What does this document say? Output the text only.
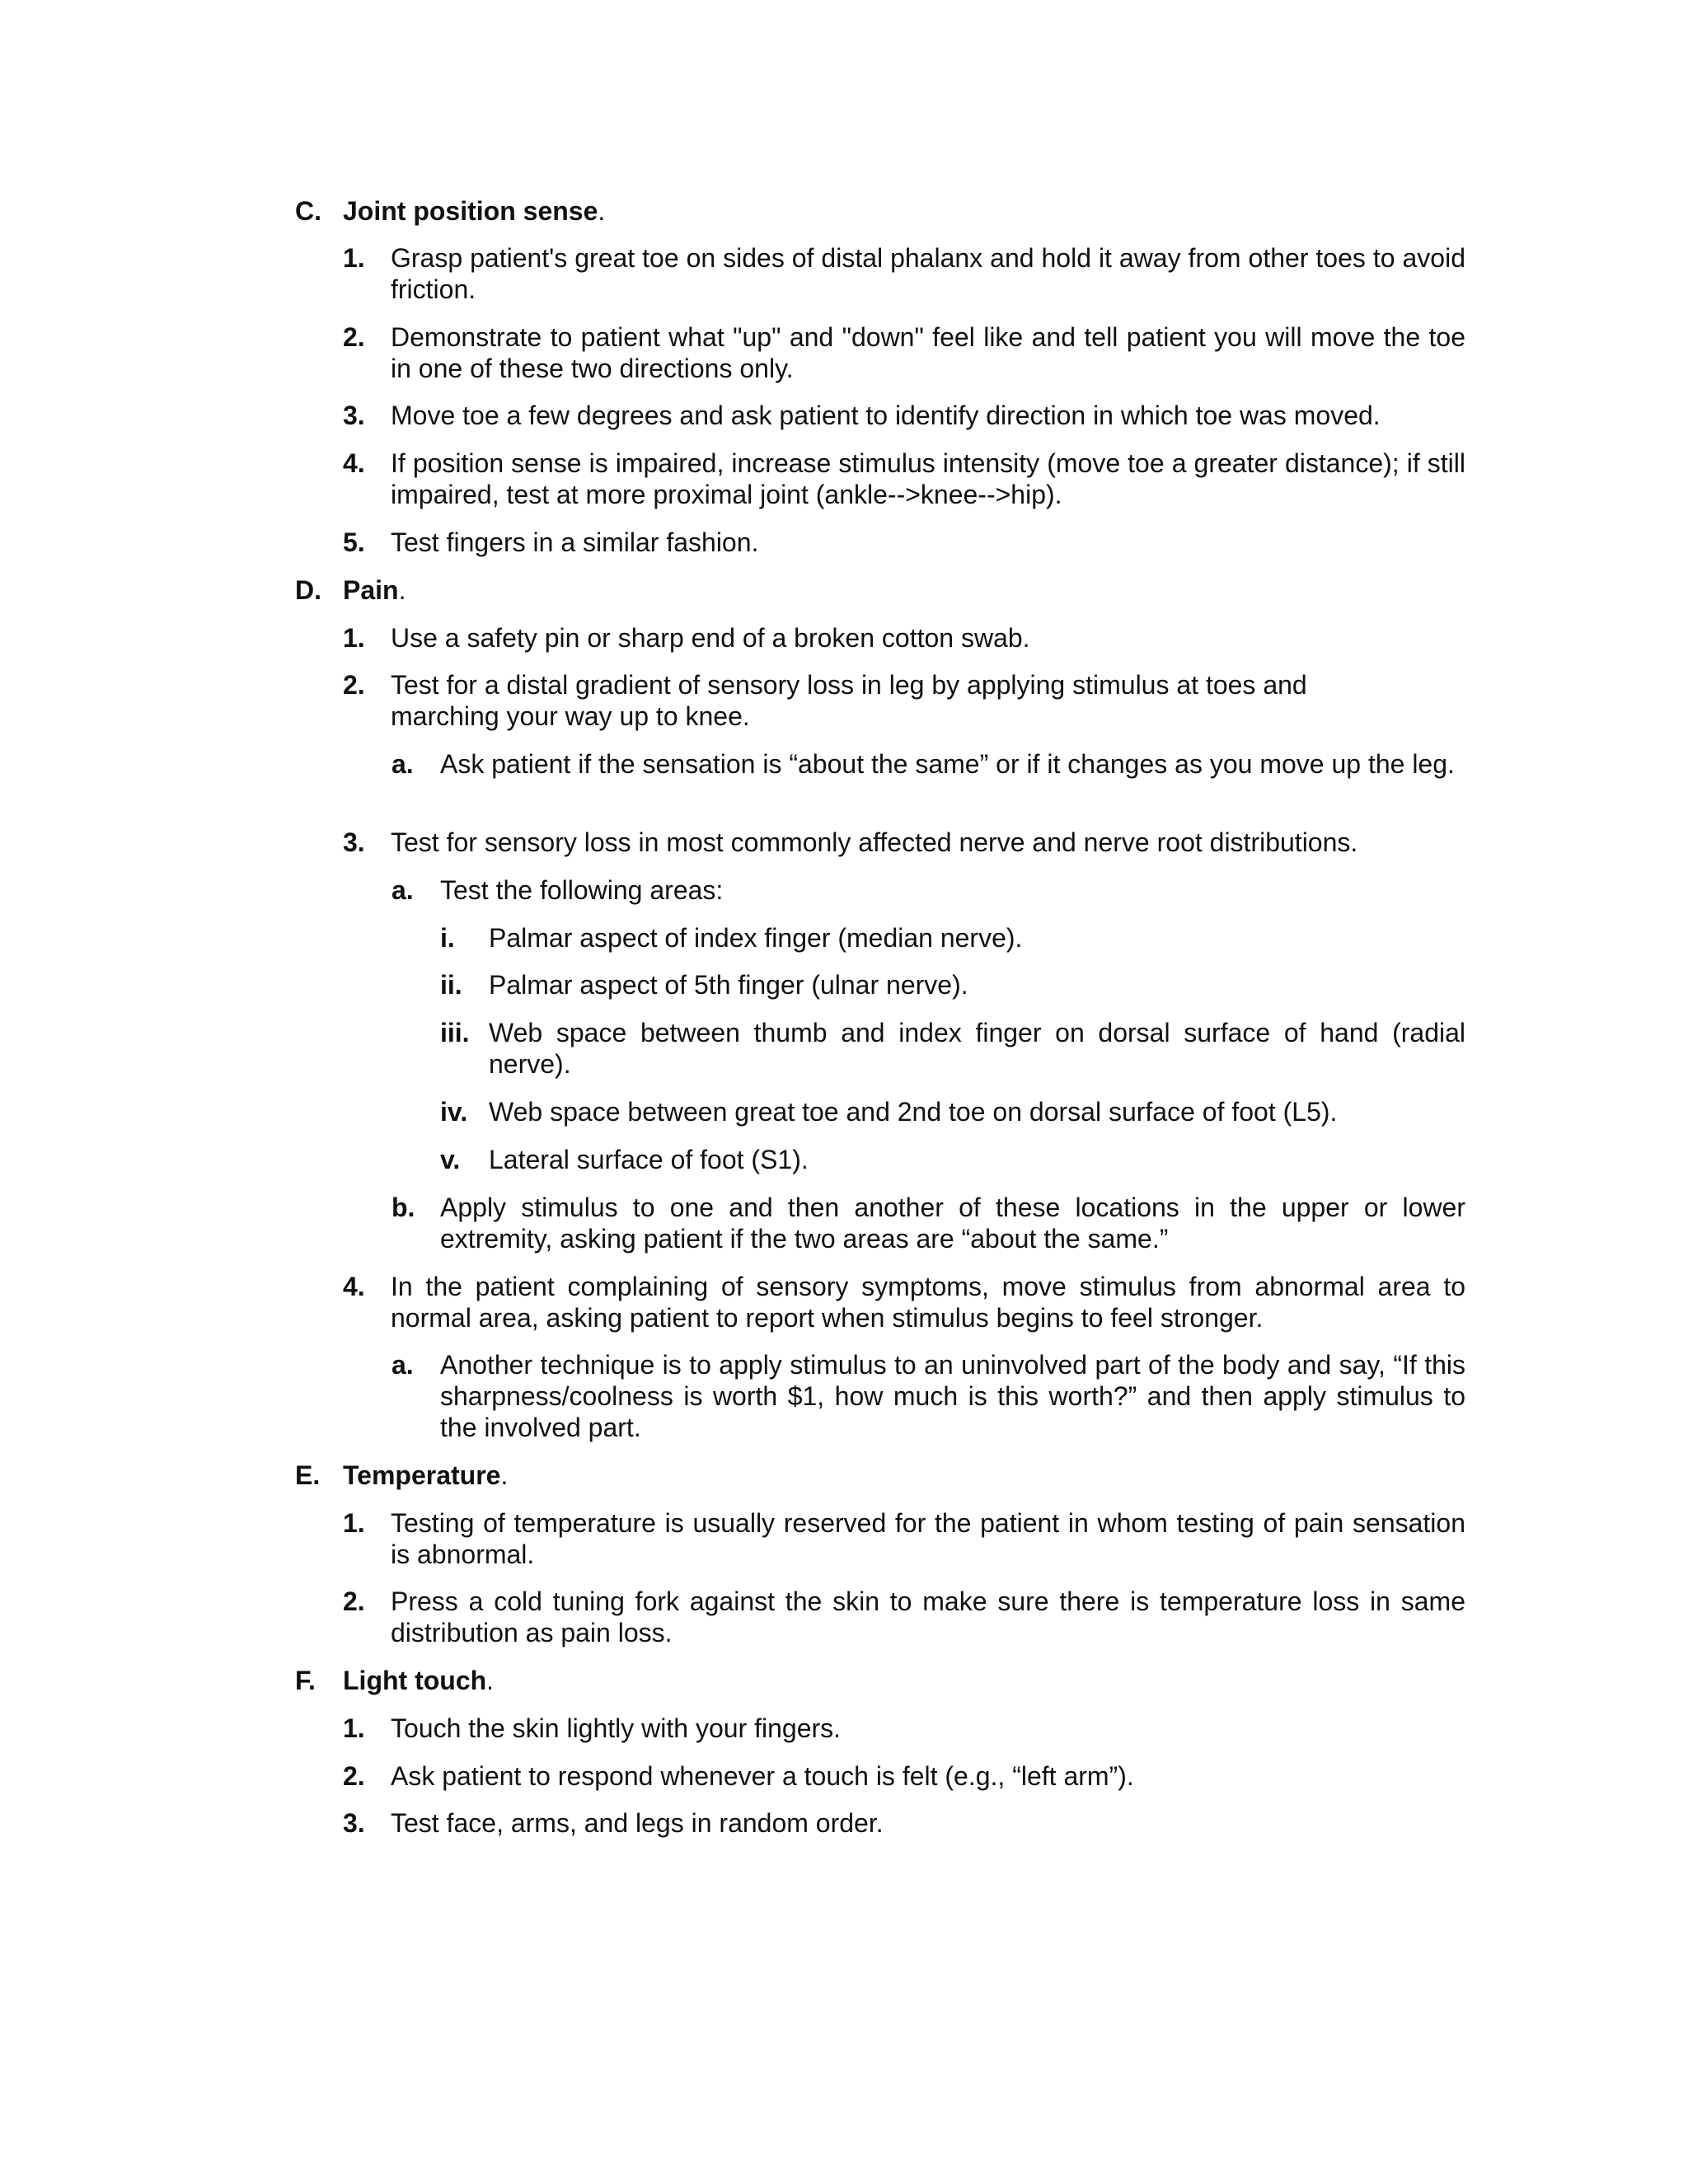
C. Joint position sense.
1. Grasp patient's great toe on sides of distal phalanx and hold it away from other toes to avoid friction.
2. Demonstrate to patient what "up" and "down" feel like and tell patient you will move the toe in one of these two directions only.
3. Move toe a few degrees and ask patient to identify direction in which toe was moved.
4. If position sense is impaired, increase stimulus intensity (move toe a greater distance); if still impaired, test at more proximal joint (ankle-->knee-->hip).
5. Test fingers in a similar fashion.
D. Pain.
1. Use a safety pin or sharp end of a broken cotton swab.
2. Test for a distal gradient of sensory loss in leg by applying stimulus at toes and marching your way up to knee.
a. Ask patient if the sensation is “about the same” or if it changes as you move up the leg.
3. Test for sensory loss in most commonly affected nerve and nerve root distributions.
a. Test the following areas:
i. Palmar aspect of index finger (median nerve).
ii. Palmar aspect of 5th finger (ulnar nerve).
iii. Web space between thumb and index finger on dorsal surface of hand (radial nerve).
iv. Web space between great toe and 2nd toe on dorsal surface of foot (L5).
v. Lateral surface of foot (S1).
b. Apply stimulus to one and then another of these locations in the upper or lower extremity, asking patient if the two areas are “about the same.”
4. In the patient complaining of sensory symptoms, move stimulus from abnormal area to normal area, asking patient to report when stimulus begins to feel stronger.
a. Another technique is to apply stimulus to an uninvolved part of the body and say, “If this sharpness/coolness is worth $1, how much is this worth?” and then apply stimulus to the involved part.
E. Temperature.
1. Testing of temperature is usually reserved for the patient in whom testing of pain sensation is abnormal.
2. Press a cold tuning fork against the skin to make sure there is temperature loss in same distribution as pain loss.
F. Light touch.
1. Touch the skin lightly with your fingers.
2. Ask patient to respond whenever a touch is felt (e.g., “left arm”).
3. Test face, arms, and legs in random order.
